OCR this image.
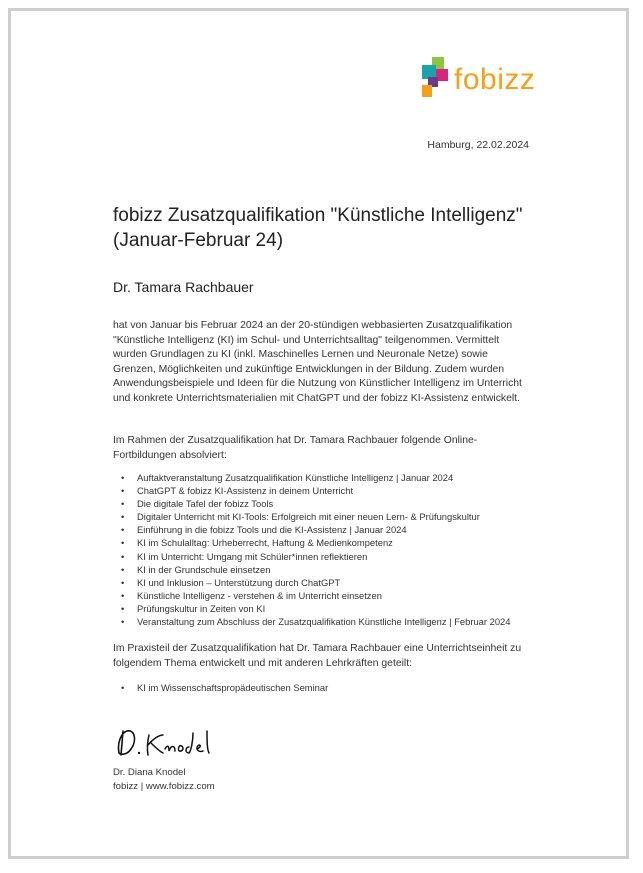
fobizz
Hamburg, 22.02.2024
fobizz Zusatzqualifikation "Künstliche Intelligenz"
(Januar-Februar 24)
Dr. Tamara Rachbauer
hat von Januar bis Februar 2024 an der 20-stündigen webbasierten Zusatzqualifikation "Künstliche Intelligenz (KI) im Schul- und Unterrichtsalltag" teilgenommen. Vermittelt wurden Grundlagen zu KI (inkl. Maschinelles Lernen und Neuronale Netze) sowie Grenzen, Möglichkeiten und zukünftige Entwicklungen in der Bildung. Zudem wurden Anwendungsbeispiele und Ideen für die Nutzung von Künstlicher Intelligenz im Unterricht und konkrete Unterrichtsmaterialien mit ChatGPT und der fobizz KI-Assistenz entwickelt.
Im Rahmen der Zusatzqualifikation hat Dr. Tamara Rachbauer folgende Online-Fortbildungen absolviert:
• Auftaktveranstaltung Zusatzqualifikation Künstliche Intelligenz | Januar 2024
• ChatGPT & fobizz KI-Assistenz in deinem Unterricht
• Die digitale Tafel der fobizz Tools
• Digitaler Unterricht mit KI-Tools: Erfolgreich mit einer neuen Lern- & Prüfungskultur
• Einführung in die fobizz Tools und die KI-Assistenz | Januar 2024
• KI im Schulalltag: Urheberrecht, Haftung & Medienkompetenz
• KI im Unterricht: Umgang mit Schüler*innen reflektieren
• KI in der Grundschule einsetzen
• KI und Inklusion – Unterstützung durch ChatGPT
• Künstliche Intelligenz - verstehen & im Unterricht einsetzen
• Prüfungskultur in Zeiten von KI
• Veranstaltung zum Abschluss der Zusatzqualifikation Künstliche Intelligenz | Februar 2024
Im Praxisteil der Zusatzqualifikation hat Dr. Tamara Rachbauer eine Unterrichtseinheit zu folgendem Thema entwickelt und mit anderen Lehrkräften geteilt:
• KI im Wissenschaftspropädeutischen Seminar
Dr. Diana Knodel
fobizz | www.fobizz.com
